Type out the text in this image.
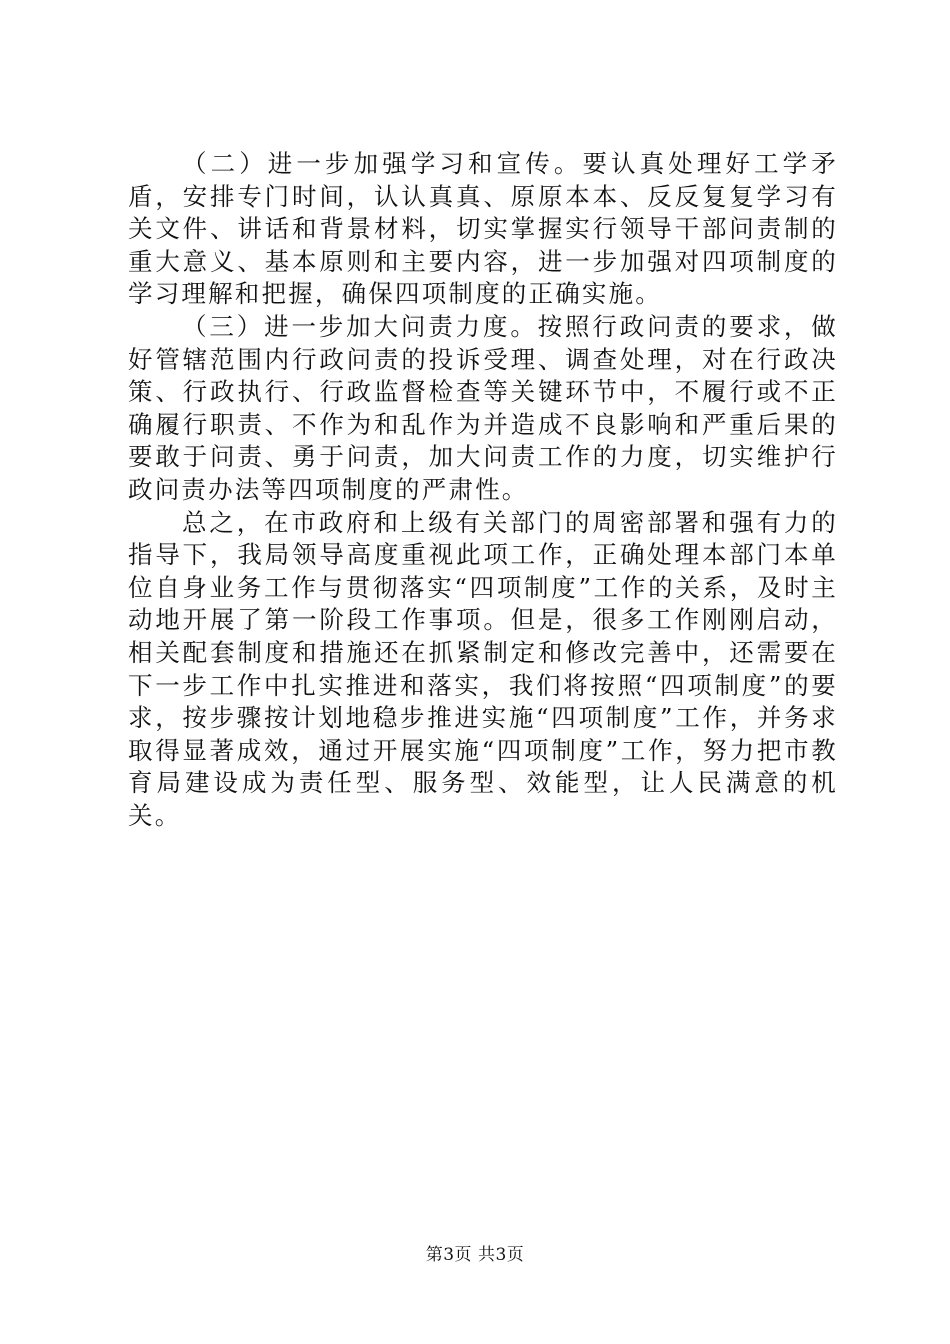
（二）进一步加强学习和宣传。要认真处理好工学矛盾，安排专门时间，认认真真、原原本本、反反复复学习有关文件、讲话和背景材料，切实掌握实行领导干部问责制的重大意义、基本原则和主要内容，进一步加强对四项制度的学习理解和把握，确保四项制度的正确实施。

（三）进一步加大问责力度。按照行政问责的要求，做好管辖范围内行政问责的投诉受理、调查处理，对在行政决策、行政执行、行政监督检查等关键环节中，不履行或不正确履行职责、不作为和乱作为并造成不良影响和严重后果的要敢于问责、勇于问责，加大问责工作的力度，切实维护行政问责办法等四项制度的严肃性。

总之，在市政府和上级有关部门的周密部署和强有力的指导下，我局领导高度重视此项工作，正确处理本部门本单位自身业务工作与贯彻落实“四项制度”工作的关系，及时主动地开展了第一阶段工作事项。但是，很多工作刚刚启动，相关配套制度和措施还在抓紧制定和修改完善中，还需要在下一步工作中扎实推进和落实，我们将按照“四项制度”的要求，按步骤按计划地稳步推进实施“四项制度”工作，并务求取得显著成效，通过开展实施“四项制度”工作，努力把市教育局建设成为责任型、服务型、效能型，让人民满意的机关。

第3页 共3页
